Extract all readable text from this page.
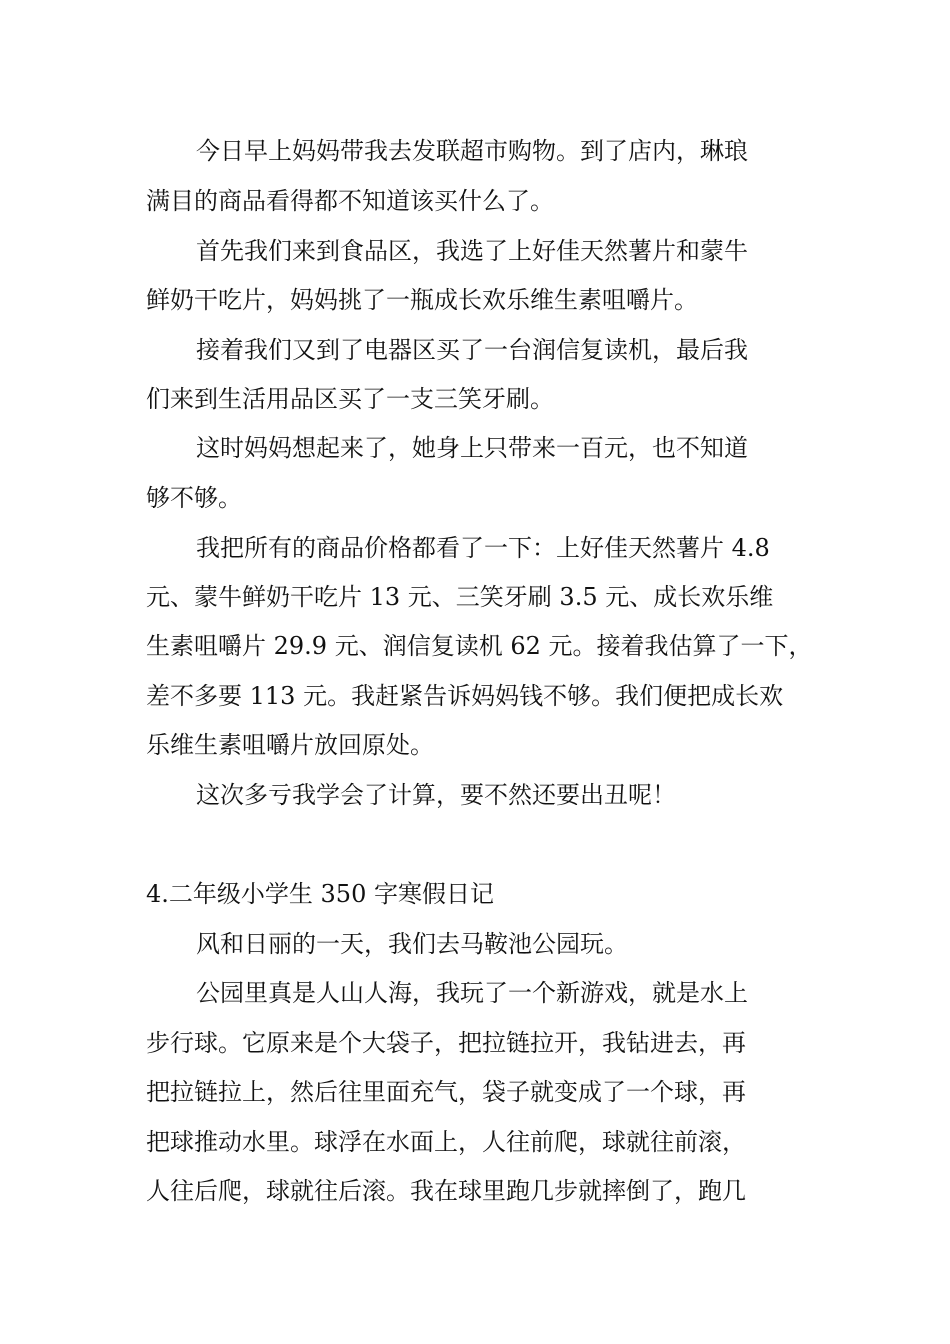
今日早上妈妈带我去发联超市购物。到了店内，琳琅
满目的商品看得都不知道该买什么了。
首先我们来到食品区，我选了上好佳天然薯片和蒙牛
鲜奶干吃片，妈妈挑了一瓶成长欢乐维生素咀嚼片。
接着我们又到了电器区买了一台润信复读机，最后我
们来到生活用品区买了一支三笑牙刷。
这时妈妈想起来了，她身上只带来一百元，也不知道
够不够。
我把所有的商品价格都看了一下：上好佳天然薯片 4.8
元、蒙牛鲜奶干吃片 13 元、三笑牙刷 3.5 元、成长欢乐维
生素咀嚼片 29.9 元、润信复读机 62 元。接着我估算了一下，
差不多要 113 元。我赶紧告诉妈妈钱不够。我们便把成长欢
乐维生素咀嚼片放回原处。
这次多亏我学会了计算，要不然还要出丑呢！
4.二年级小学生 350 字寒假日记
风和日丽的一天，我们去马鞍池公园玩。
公园里真是人山人海，我玩了一个新游戏，就是水上
步行球。它原来是个大袋子，把拉链拉开，我钻进去，再
把拉链拉上，然后往里面充气，袋子就变成了一个球，再
把球推动水里。球浮在水面上，人往前爬，球就往前滚，
人往后爬，球就往后滚。我在球里跑几步就摔倒了，跑几
